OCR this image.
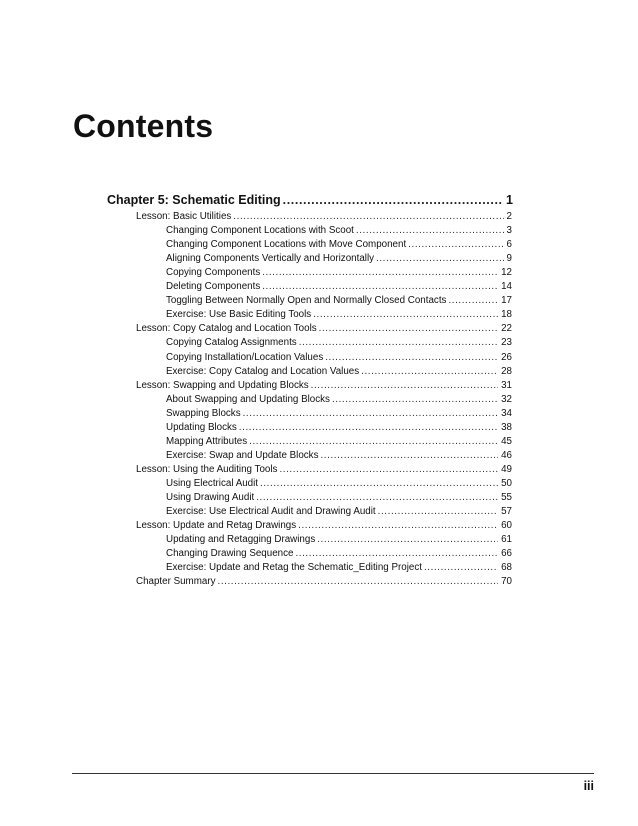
Contents
Chapter 5: Schematic Editing .....	1
Lesson: Basic Utilities .....	2
Changing Component Locations with Scoot .....	3
Changing Component Locations with Move Component .....	6
Aligning Components Vertically and Horizontally .....	9
Copying Components .....	12
Deleting Components .....	14
Toggling Between Normally Open and Normally Closed Contacts .....	17
Exercise: Use Basic Editing Tools .....	18
Lesson: Copy Catalog and Location Tools .....	22
Copying Catalog Assignments .....	23
Copying Installation/Location Values .....	26
Exercise: Copy Catalog and Location Values .....	28
Lesson: Swapping and Updating Blocks .....	31
About Swapping and Updating Blocks .....	32
Swapping Blocks .....	34
Updating Blocks .....	38
Mapping Attributes .....	45
Exercise: Swap and Update Blocks .....	46
Lesson: Using the Auditing Tools .....	49
Using Electrical Audit .....	50
Using Drawing Audit .....	55
Exercise: Use Electrical Audit and Drawing Audit .....	57
Lesson: Update and Retag Drawings .....	60
Updating and Retagging Drawings .....	61
Changing Drawing Sequence .....	66
Exercise: Update and Retag the Schematic_Editing Project .....	68
Chapter Summary .....	70
iii
